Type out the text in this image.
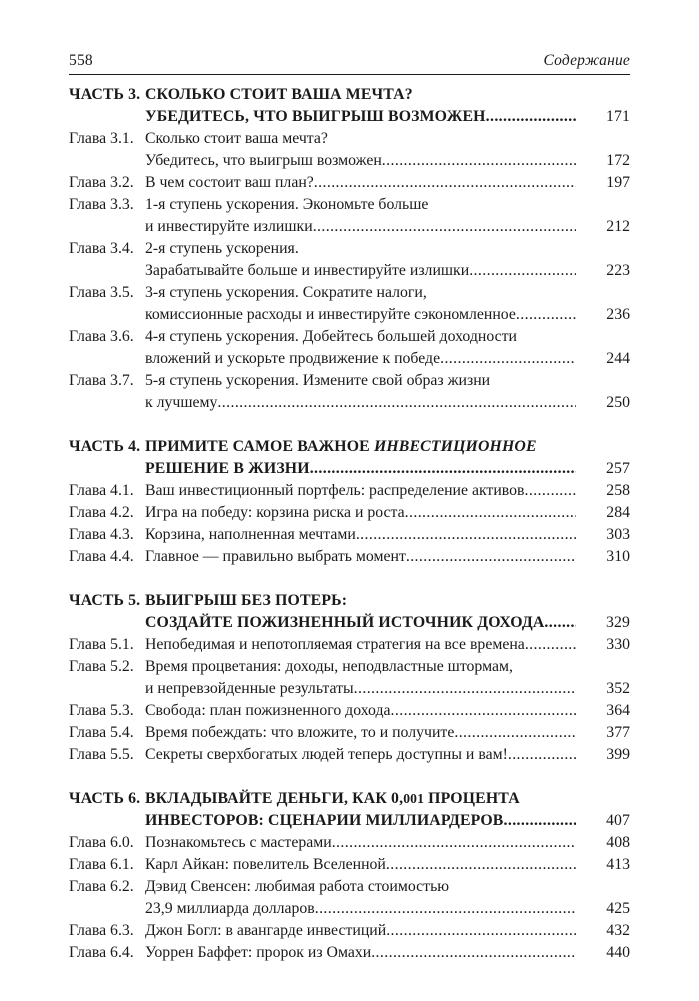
558	Содержание
ЧАСТЬ 3. СКОЛЬКО СТОИТ ВАША МЕЧТА?
УБЕДИТЕСЬ, ЧТО ВЫИГРЫШ ВОЗМОЖЕН .....	171
Глава 3.1. Сколько стоит ваша мечта?
Убедитесь, что выигрыш возможен .....	172
Глава 3.2. В чем состоит ваш план? .....	197
Глава 3.3. 1-я ступень ускорения. Экономьте больше
и инвестируйте излишки .....	212
Глава 3.4. 2-я ступень ускорения.
Зарабатывайте больше и инвестируйте излишки .....	223
Глава 3.5. 3-я ступень ускорения. Сократите налоги,
комиссионные расходы и инвестируйте сэкономленное .....	236
Глава 3.6. 4-я ступень ускорения. Добейтесь большей доходности
вложений и ускорьте продвижение к победе .....	244
Глава 3.7. 5-я ступень ускорения. Измените свой образ жизни
к лучшему .....	250
ЧАСТЬ 4. ПРИМИТЕ САМОЕ ВАЖНОЕ ИНВЕСТИЦИОННОЕ
РЕШЕНИЕ В ЖИЗНИ .....	257
Глава 4.1. Ваш инвестиционный портфель: распределение активов .....	258
Глава 4.2. Игра на победу: корзина риска и роста .....	284
Глава 4.3. Корзина, наполненная мечтами .....	303
Глава 4.4. Главное — правильно выбрать момент .....	310
ЧАСТЬ 5. ВЫИГРЫШ БЕЗ ПОТЕРЬ:
СОЗДАЙТЕ ПОЖИЗНЕННЫЙ ИСТОЧНИК ДОХОДА .....	329
Глава 5.1. Непобедимая и непотопляемая стратегия на все времена .....	330
Глава 5.2. Время процветания: доходы, неподвластные штормам,
и непревзойденные результаты .....	352
Глава 5.3. Свобода: план пожизненного дохода .....	364
Глава 5.4. Время побеждать: что вложите, то и получите .....	377
Глава 5.5. Секреты сверхбогатых людей теперь доступны и вам! .....	399
ЧАСТЬ 6. ВКЛАДЫВАЙТЕ ДЕНЬГИ, КАК 0,001 ПРОЦЕНТА
ИНВЕСТОРОВ: СЦЕНАРИИ МИЛЛИАРДЕРОВ .....	407
Глава 6.0. Познакомьтесь с мастерами .....	408
Глава 6.1. Карл Айкан: повелитель Вселенной .....	413
Глава 6.2. Дэвид Свенсен: любимая работа стоимостью
23,9 миллиарда долларов .....	425
Глава 6.3. Джон Богл: в авангарде инвестиций .....	432
Глава 6.4. Уоррен Баффет: пророк из Омахи .....	440
